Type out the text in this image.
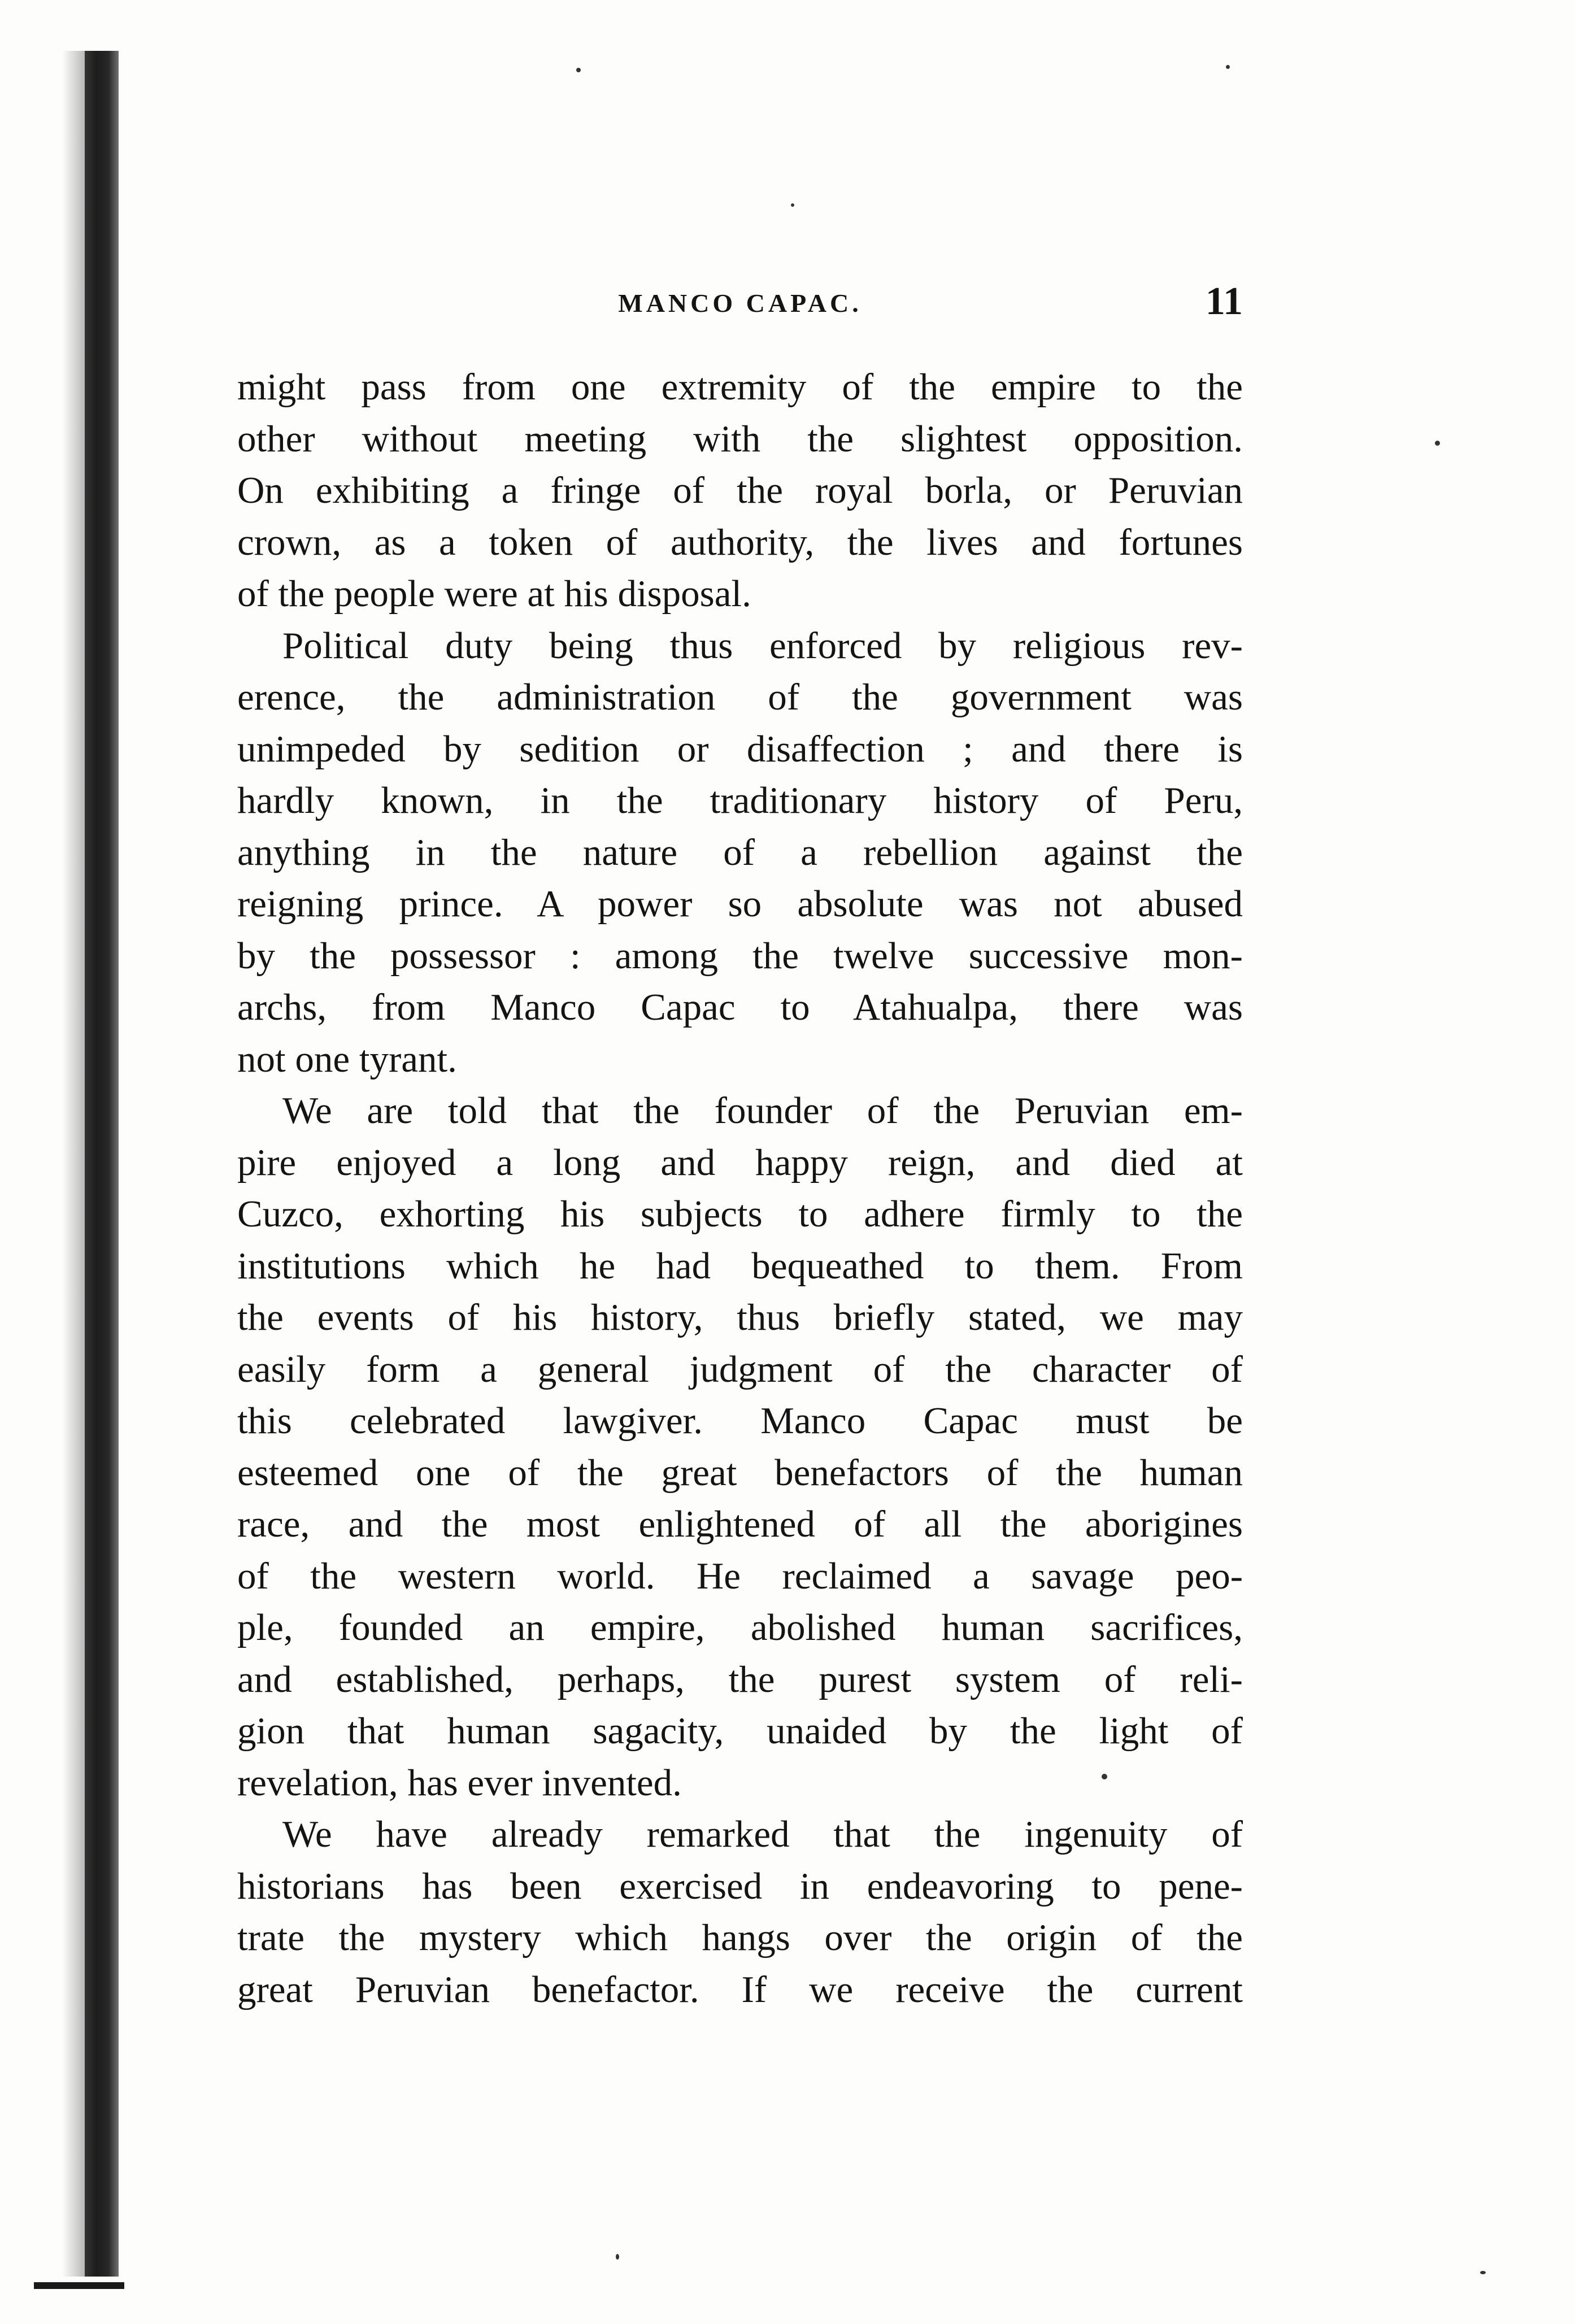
MANCO CAPAC.	11
might pass from one extremity of the empire to the
other without meeting with the slightest opposition.
On exhibiting a fringe of the royal borla, or Peruvian
crown, as a token of authority, the lives and fortunes
of the people were at his disposal.
Political duty being thus enforced by religious rev-
erence, the administration of the government was
unimpeded by sedition or disaffection ; and there is
hardly known, in the traditionary history of Peru,
anything in the nature of a rebellion against the
reigning prince. A power so absolute was not abused
by the possessor : among the twelve successive mon-
archs, from Manco Capac to Atahualpa, there was
not one tyrant.
We are told that the founder of the Peruvian em-
pire enjoyed a long and happy reign, and died at
Cuzco, exhorting his subjects to adhere firmly to the
institutions which he had bequeathed to them. From
the events of his history, thus briefly stated, we may
easily form a general judgment of the character of
this celebrated lawgiver. Manco Capac must be
esteemed one of the great benefactors of the human
race, and the most enlightened of all the aborigines
of the western world. He reclaimed a savage peo-
ple, founded an empire, abolished human sacrifices,
and established, perhaps, the purest system of reli-
gion that human sagacity, unaided by the light of
revelation, has ever invented.
We have already remarked that the ingenuity of
historians has been exercised in endeavoring to pene-
trate the mystery which hangs over the origin of the
great Peruvian benefactor. If we receive the current
